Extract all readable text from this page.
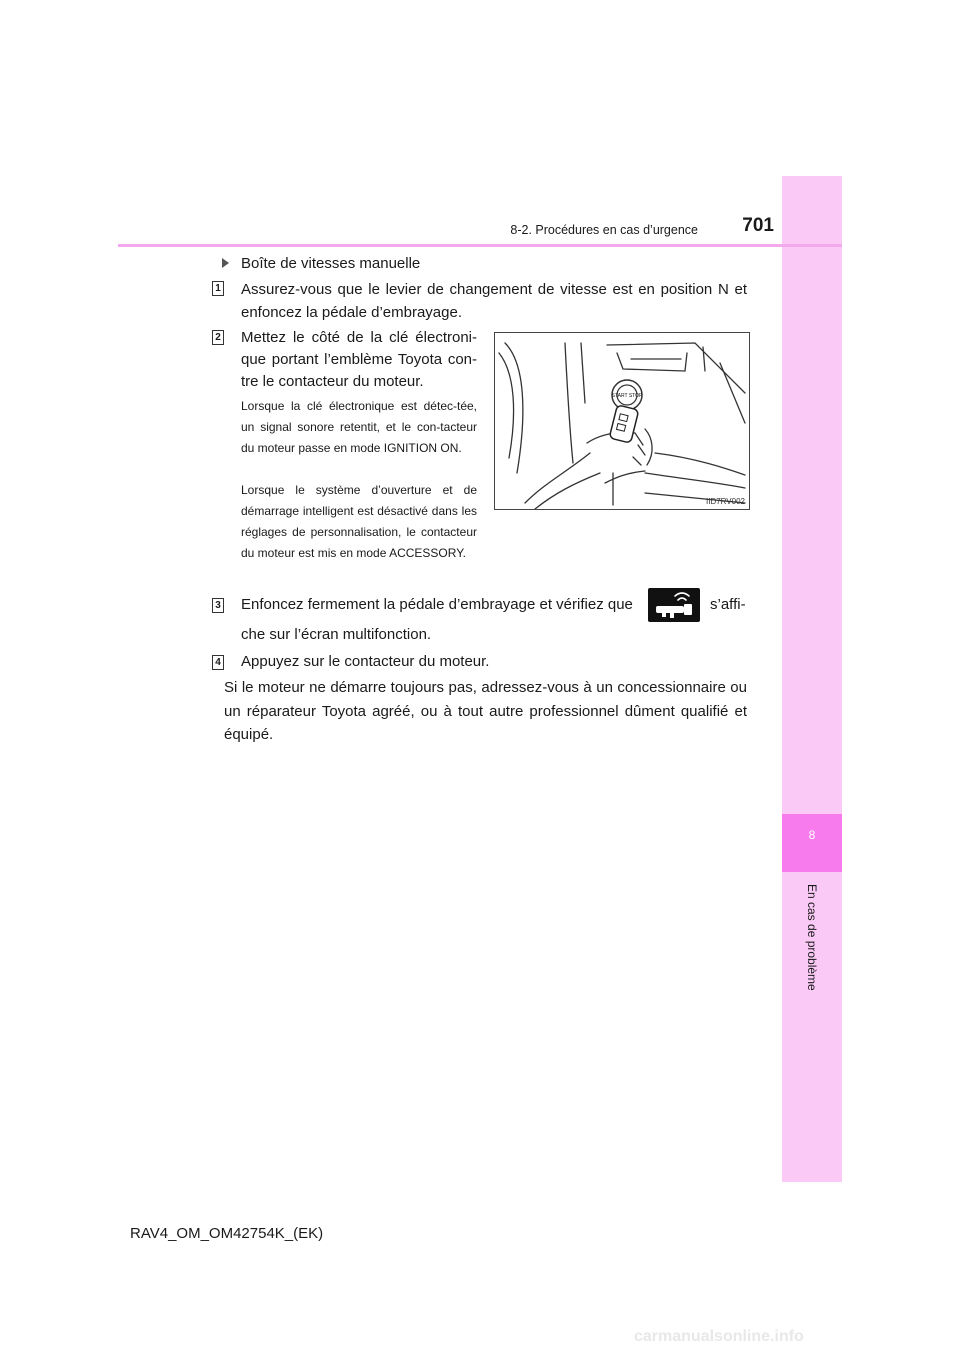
8
En cas de problème
8-2. Procédures en cas d’urgence	701
Boîte de vitesses manuelle
1 Assurez-vous que le levier de changement de vitesse est en position N et enfoncez la pédale d’embrayage.
2 Mettez le côté de la clé électroni-que portant l’emblème Toyota con-tre le contacteur du moteur.
Lorsque la clé électronique est détec-tée, un signal sonore retentit, et le con-tacteur du moteur passe en mode IGNITION ON.
Lorsque le système d’ouverture et de démarrage intelligent est désactivé dans les réglages de personnalisation, le contacteur du moteur est mis en mode ACCESSORY.
START STOP
IID7RV002
3 Enfoncez fermement la pédale d’embrayage et vérifiez que	s’affi-
che sur l’écran multifonction.
4 Appuyez sur le contacteur du moteur.
Si le moteur ne démarre toujours pas, adressez-vous à un concessionnaire ou un réparateur Toyota agréé, ou à tout autre professionnel dûment qualifié et équipé.
RAV4_OM_OM42754K_(EK)
carmanualsonline.info
